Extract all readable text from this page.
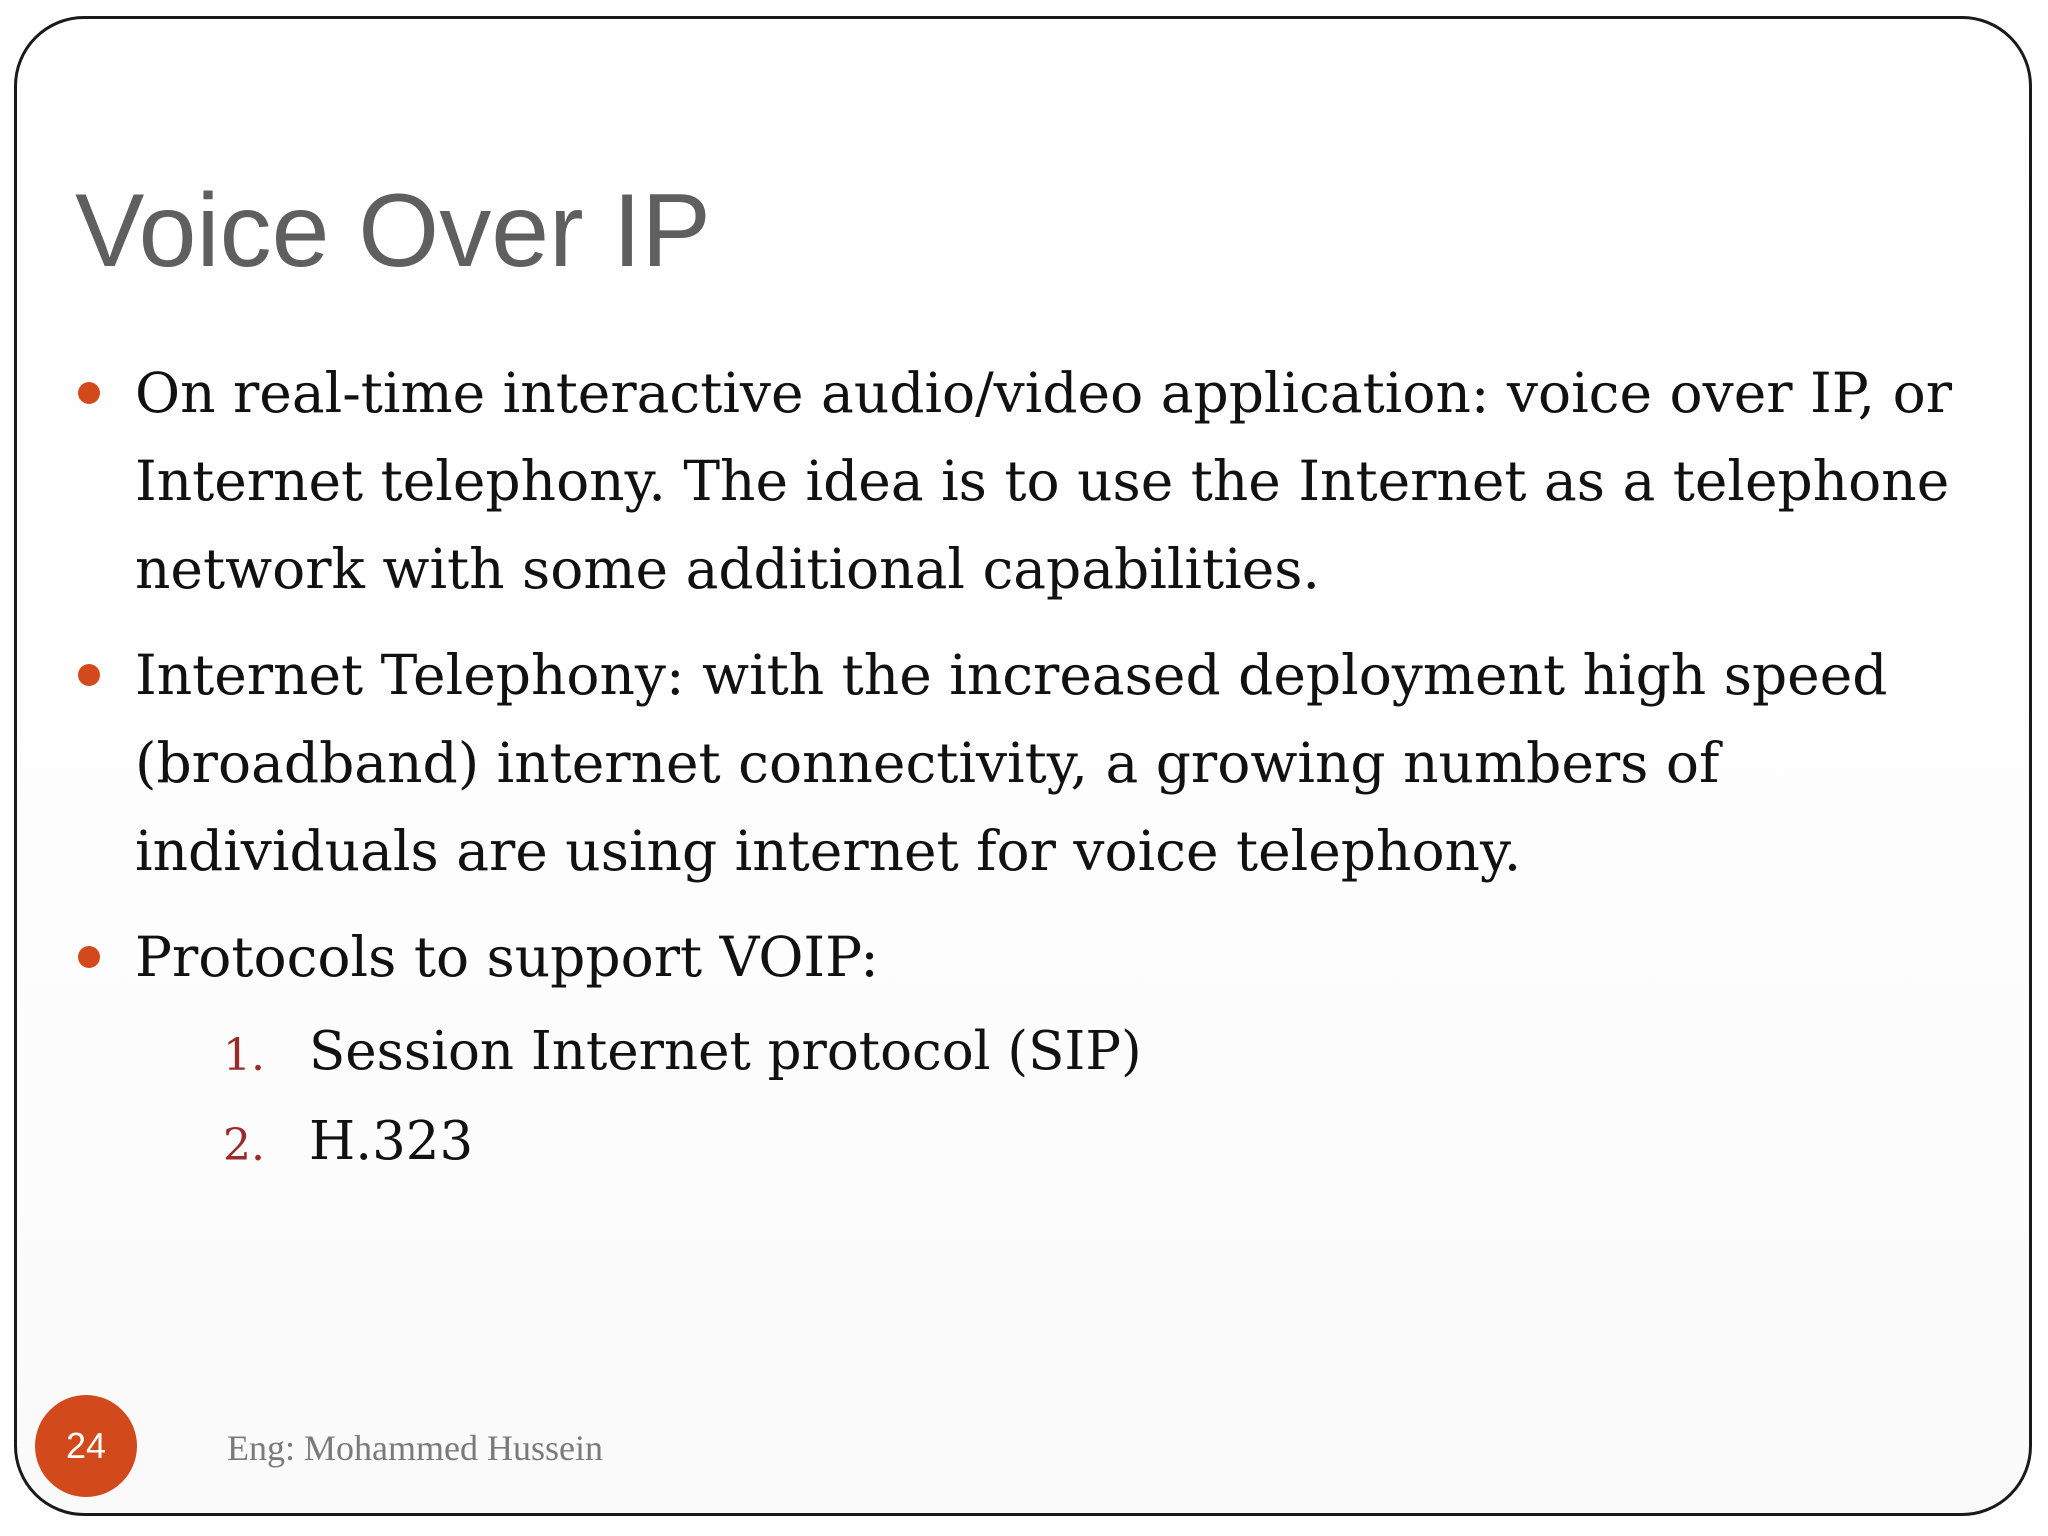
Voice Over IP
On real-time interactive audio/video application: voice over IP, or Internet telephony. The idea is to use the Internet as a telephone network with some additional capabilities.
Internet Telephony: with the increased deployment high speed (broadband) internet connectivity, a growing numbers of individuals are using internet for voice telephony.
Protocols to support VOIP:
1. Session Internet protocol (SIP)
2. H.323
24	Eng: Mohammed Hussein
